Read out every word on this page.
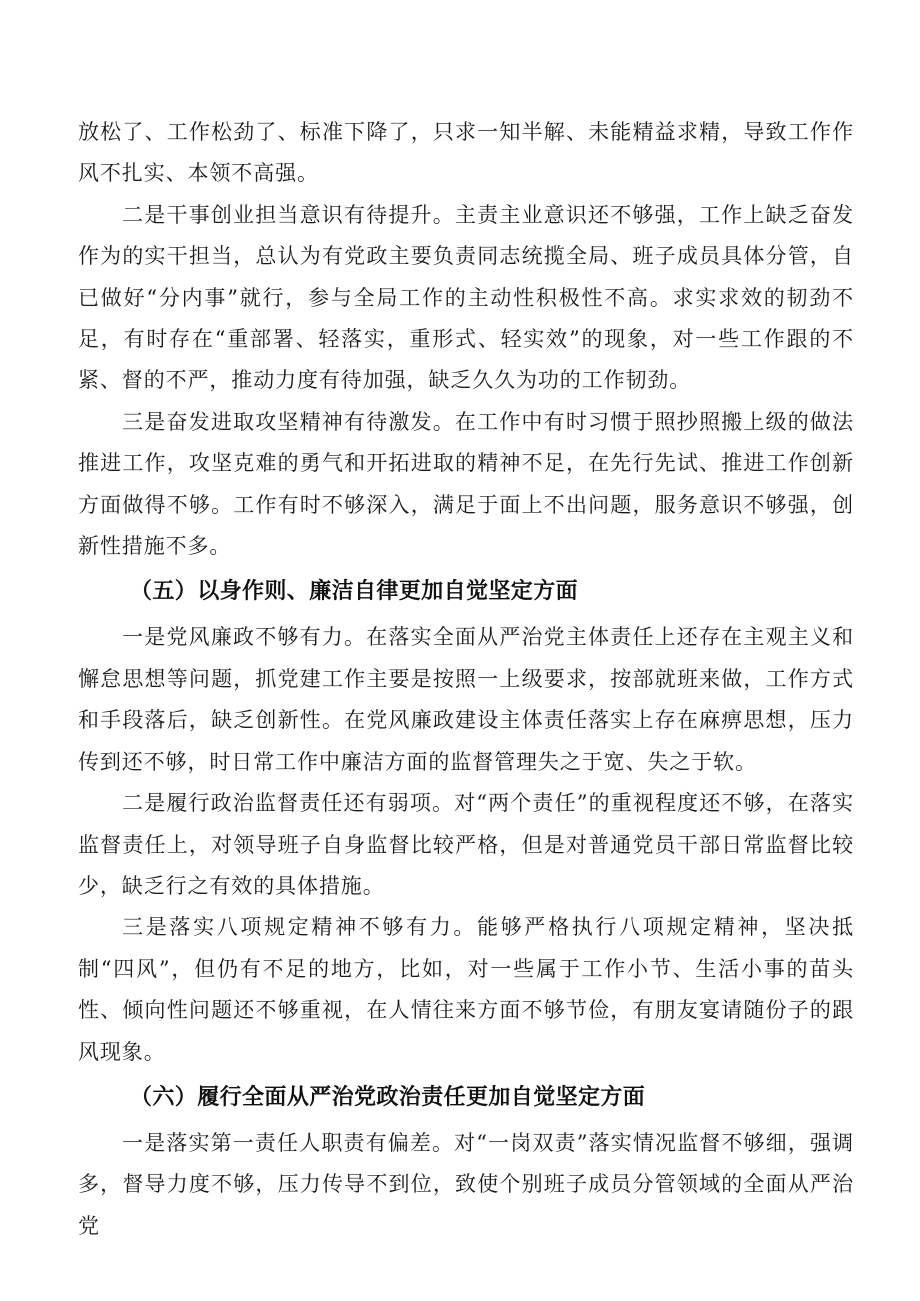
放松了、工作松劲了、标准下降了，只求一知半解、未能精益求精，导致工作作风不扎实、本领不高强。

二是干事创业担当意识有待提升。主责主业意识还不够强，工作上缺乏奋发作为的实干担当，总认为有党政主要负责同志统揽全局、班子成员具体分管，自已做好“分内事”就行，参与全局工作的主动性积极性不高。求实求效的韧劲不足，有时存在“重部署、轻落实，重形式、轻实效”的现象，对一些工作跟的不紧、督的不严，推动力度有待加强，缺乏久久为功的工作韧劲。

三是奋发进取攻坚精神有待激发。在工作中有时习惯于照抄照搬上级的做法推进工作，攻坚克难的勇气和开拓进取的精神不足，在先行先试、推进工作创新方面做得不够。工作有时不够深入，满足于面上不出问题，服务意识不够强，创新性措施不多。

（五）以身作则、廉洁自律更加自觉坚定方面

一是党风廉政不够有力。在落实全面从严治党主体责任上还存在主观主义和懈怠思想等问题，抓党建工作主要是按照一上级要求，按部就班来做，工作方式和手段落后，缺乏创新性。在党风廉政建设主体责任落实上存在麻痹思想，压力传到还不够，时日常工作中廉洁方面的监督管理失之于宽、失之于软。

二是履行政治监督责任还有弱项。对“两个责任”的重视程度还不够，在落实监督责任上，对领导班子自身监督比较严格，但是对普通党员干部日常监督比较少，缺乏行之有效的具体措施。

三是落实八项规定精神不够有力。能够严格执行八项规定精神，坚决抵制“四风”，但仍有不足的地方，比如，对一些属于工作小节、生活小事的苗头性、倾向性问题还不够重视，在人情往来方面不够节俭，有朋友宴请随份子的跟风现象。

（六）履行全面从严治党政治责任更加自觉坚定方面

一是落实第一责任人职责有偏差。对“一岗双责”落实情况监督不够细，强调多，督导力度不够，压力传导不到位，致使个别班子成员分管领域的全面从严治党
